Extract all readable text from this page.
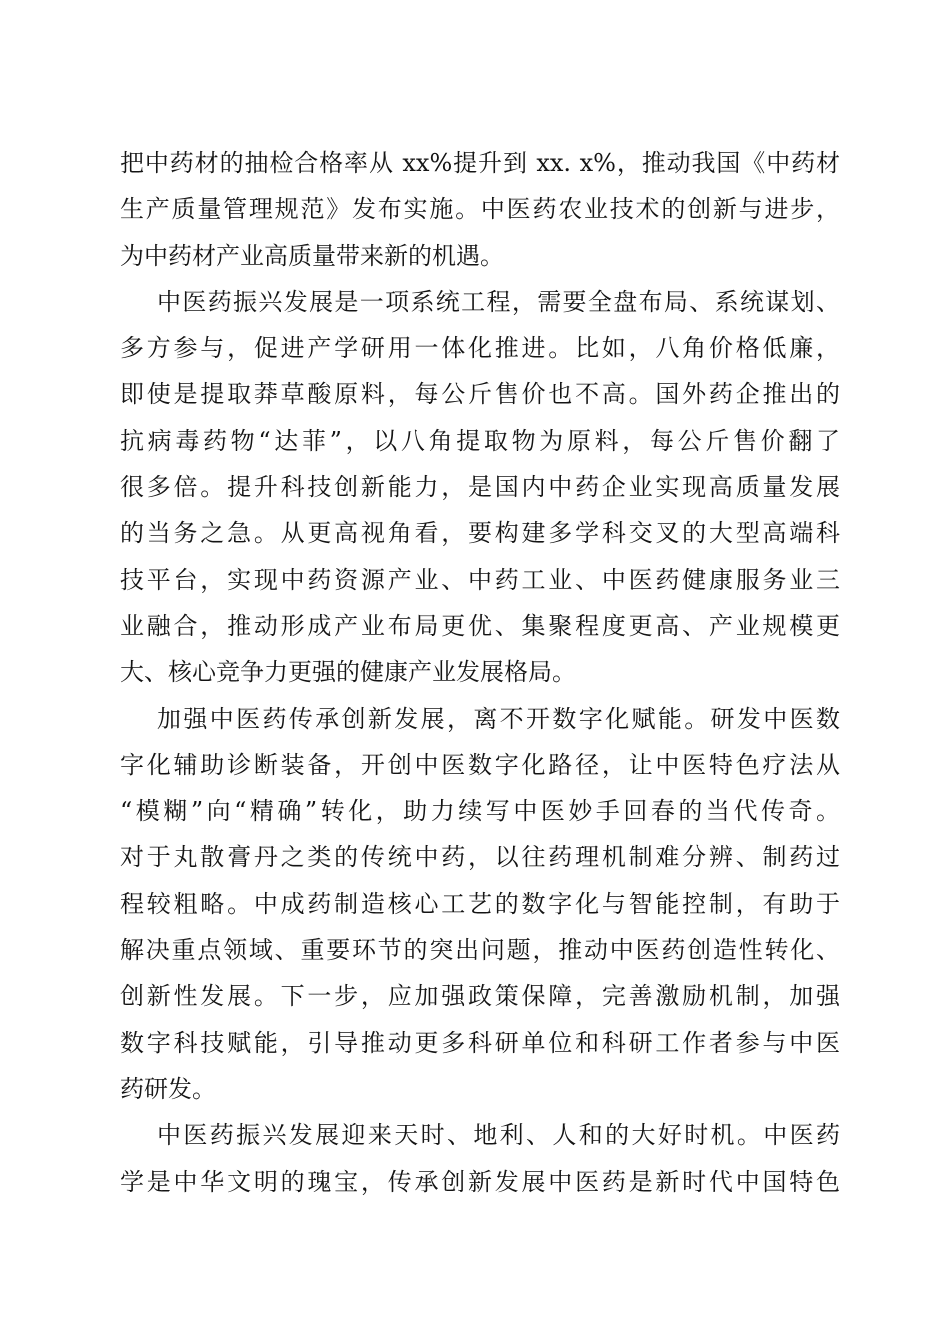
把中药材的抽检合格率从 xx%提升到 xx. x%，推动我国《中药材
生产质量管理规范》发布实施。中医药农业技术的创新与进步，
为中药材产业高质量带来新的机遇。
中医药振兴发展是一项系统工程，需要全盘布局、系统谋划、
多方参与，促进产学研用一体化推进。比如，八角价格低廉，
即使是提取莽草酸原料，每公斤售价也不高。国外药企推出的
抗病毒药物“达菲”，以八角提取物为原料，每公斤售价翻了
很多倍。提升科技创新能力，是国内中药企业实现高质量发展
的当务之急。从更高视角看，要构建多学科交叉的大型高端科
技平台，实现中药资源产业、中药工业、中医药健康服务业三
业融合，推动形成产业布局更优、集聚程度更高、产业规模更
大、核心竞争力更强的健康产业发展格局。
加强中医药传承创新发展，离不开数字化赋能。研发中医数
字化辅助诊断装备，开创中医数字化路径，让中医特色疗法从
“模糊”向“精确”转化，助力续写中医妙手回春的当代传奇。
对于丸散膏丹之类的传统中药，以往药理机制难分辨、制药过
程较粗略。中成药制造核心工艺的数字化与智能控制，有助于
解决重点领域、重要环节的突出问题，推动中医药创造性转化、
创新性发展。下一步，应加强政策保障，完善激励机制，加强
数字科技赋能，引导推动更多科研单位和科研工作者参与中医
药研发。
中医药振兴发展迎来天时、地利、人和的大好时机。中医药
学是中华文明的瑰宝，传承创新发展中医药是新时代中国特色
